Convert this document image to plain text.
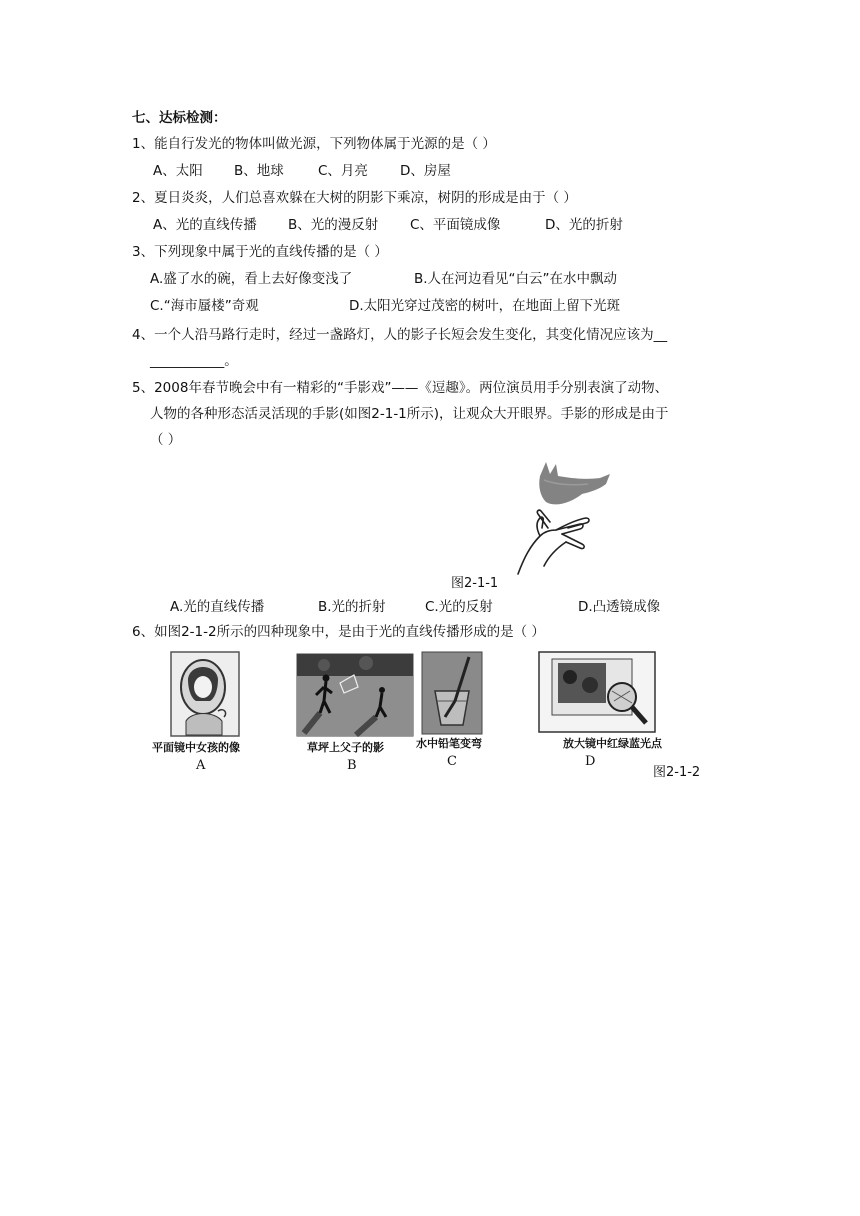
七、达标检测：
1、能自行发光的物体叫做光源，下列物体属于光源的是（ ）
A、太阳 B、地球	C、月亮 D、房屋
2、夏日炎炎，人们总喜欢躲在大树的阴影下乘凉，树阴的形成是由于（ ）
A、光的直线传播 B、光的漫反射 C、平面镜成像	D、光的折射
3、下列现象中属于光的直线传播的是（ ）
A.盛了水的碗，看上去好像变浅了	B.人在河边看见“白云”在水中飘动
C.“海市蜃楼”奇观	D.太阳光穿过茂密的树叶，在地面上留下光斑
4、一个人沿马路行走时，经过一盏路灯，人的影子长短会发生变化，其变化情况应该为__
___________。
5、2008年春节晚会中有一精彩的“手影戏”——《逗趣》。两位演员用手分别表演了动物、
人物的各种形态活灵活现的手影(如图2-1-1所示)，让观众大开眼界。手影的形成是由于
（ ）
图2-1-1
A.光的直线传播	B.光的折射	C.光的反射	D.凸透镜成像
6、如图2-1-2所示的四种现象中，是由于光的直线传播形成的是（ ）
平面镜中女孩的像
A
草坪上父子的影
B
水中铅笔变弯
C
放大镜中红绿蓝光点
D
图2-1-2
